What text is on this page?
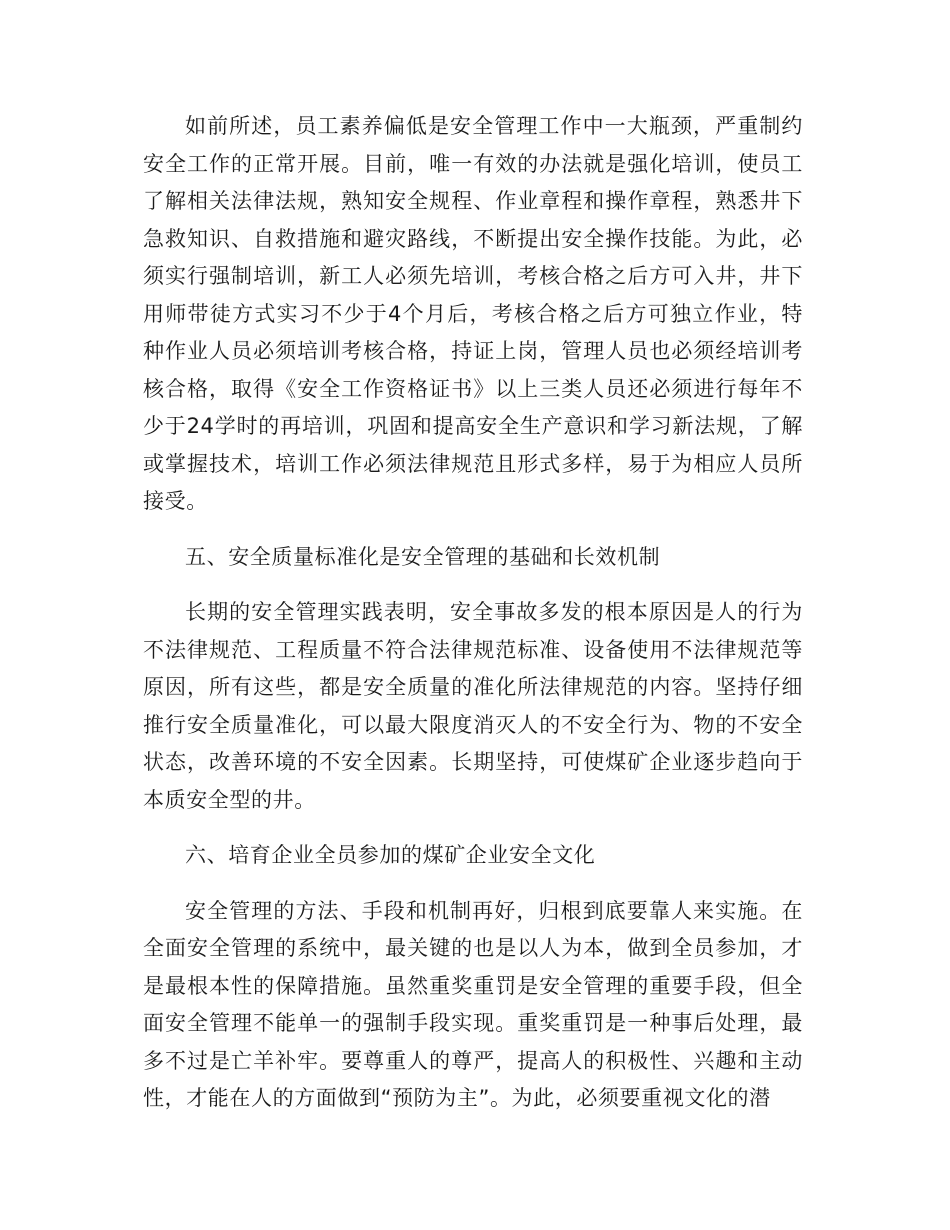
如前所述，员工素养偏低是安全管理工作中一大瓶颈，严重制约安全工作的正常开展。目前，唯一有效的办法就是强化培训，使员工了解相关法律法规，熟知安全规程、作业章程和操作章程，熟悉井下急救知识、自救措施和避灾路线，不断提出安全操作技能。为此，必须实行强制培训，新工人必须先培训，考核合格之后方可入井，井下用师带徒方式实习不少于4个月后，考核合格之后方可独立作业，特种作业人员必须培训考核合格，持证上岗，管理人员也必须经培训考核合格，取得《安全工作资格证书》以上三类人员还必须进行每年不少于24学时的再培训，巩固和提高安全生产意识和学习新法规，了解或掌握技术，培训工作必须法律规范且形式多样，易于为相应人员所接受。

五、安全质量标准化是安全管理的基础和长效机制

长期的安全管理实践表明，安全事故多发的根本原因是人的行为不法律规范、工程质量不符合法律规范标准、设备使用不法律规范等原因，所有这些，都是安全质量的准化所法律规范的内容。坚持仔细推行安全质量准化，可以最大限度消灭人的不安全行为、物的不安全状态，改善环境的不安全因素。长期坚持，可使煤矿企业逐步趋向于本质安全型的井。

六、培育企业全员参加的煤矿企业安全文化

安全管理的方法、手段和机制再好，归根到底要靠人来实施。在全面安全管理的系统中，最关键的也是以人为本，做到全员参加，才是最根本性的保障措施。虽然重奖重罚是安全管理的重要手段，但全面安全管理不能单一的强制手段实现。重奖重罚是一种事后处理，最多不过是亡羊补牢。要尊重人的尊严，提高人的积极性、兴趣和主动性，才能在人的方面做到“预防为主”。为此，必须要重视文化的潜
